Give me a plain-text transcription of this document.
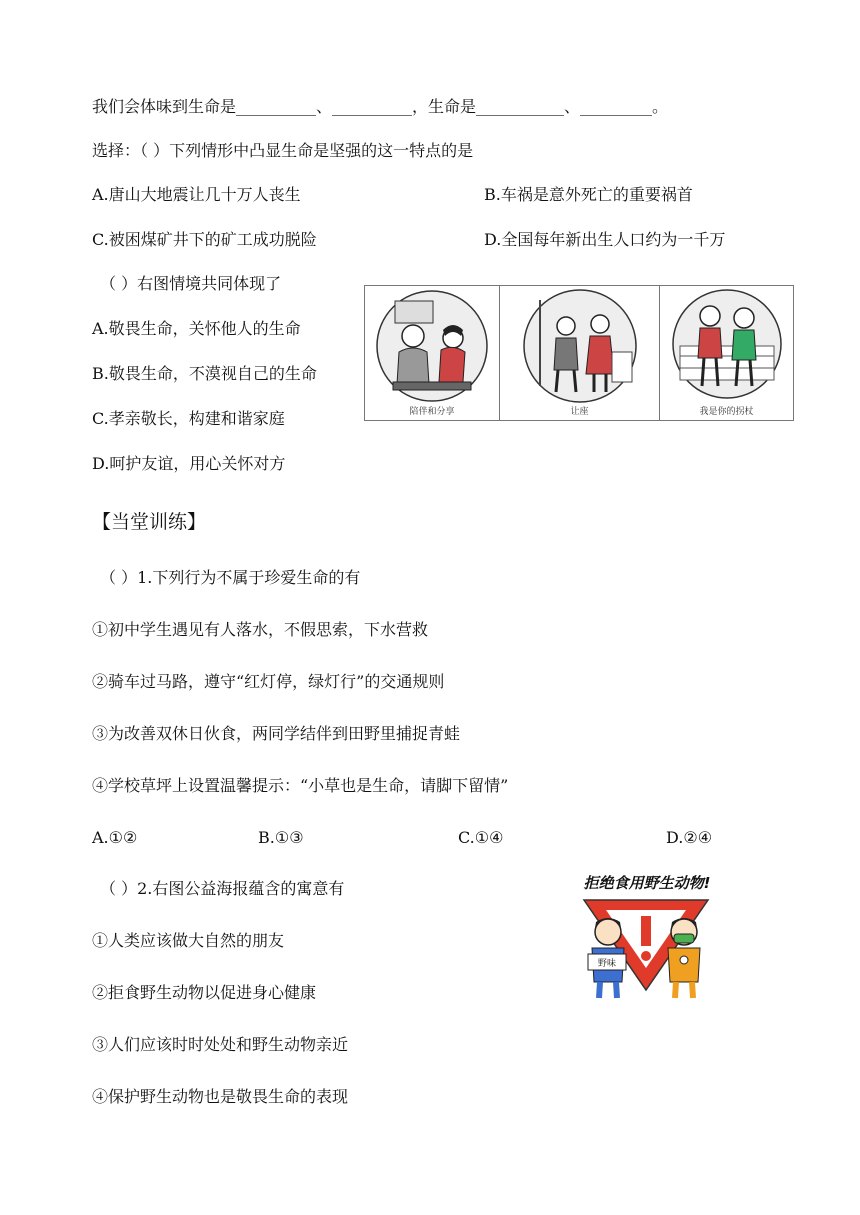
我们会体味到生命是__________、__________，生命是___________、_________。
选择：（ ）下列情形中凸显生命是坚强的这一特点的是
A.唐山大地震让几十万人丧生	B.车祸是意外死亡的重要祸首
C.被困煤矿井下的矿工成功脱险	D.全国每年新出生人口约为一千万
（ ）右图情境共同体现了
A.敬畏生命，关怀他人的生命
B.敬畏生命，不漠视自己的生命
C.孝亲敬长，构建和谐家庭
D.呵护友谊，用心关怀对方
陪伴和分享	让座	我是你的拐杖
【当堂训练】
（ ）1.下列行为不属于珍爱生命的有
①初中学生遇见有人落水，不假思索，下水营救
②骑车过马路，遵守“红灯停，绿灯行”的交通规则
③为改善双休日伙食，两同学结伴到田野里捕捉青蛙
④学校草坪上设置温馨提示：“小草也是生命，请脚下留情”
A.①②	B.①③	C.①④	D.②④
（ ）2.右图公益海报蕴含的寓意有
①人类应该做大自然的朋友
②拒食野生动物以促进身心健康
③人们应该时时处处和野生动物亲近
④保护野生动物也是敬畏生命的表现
拒绝食用野生动物!
野味
